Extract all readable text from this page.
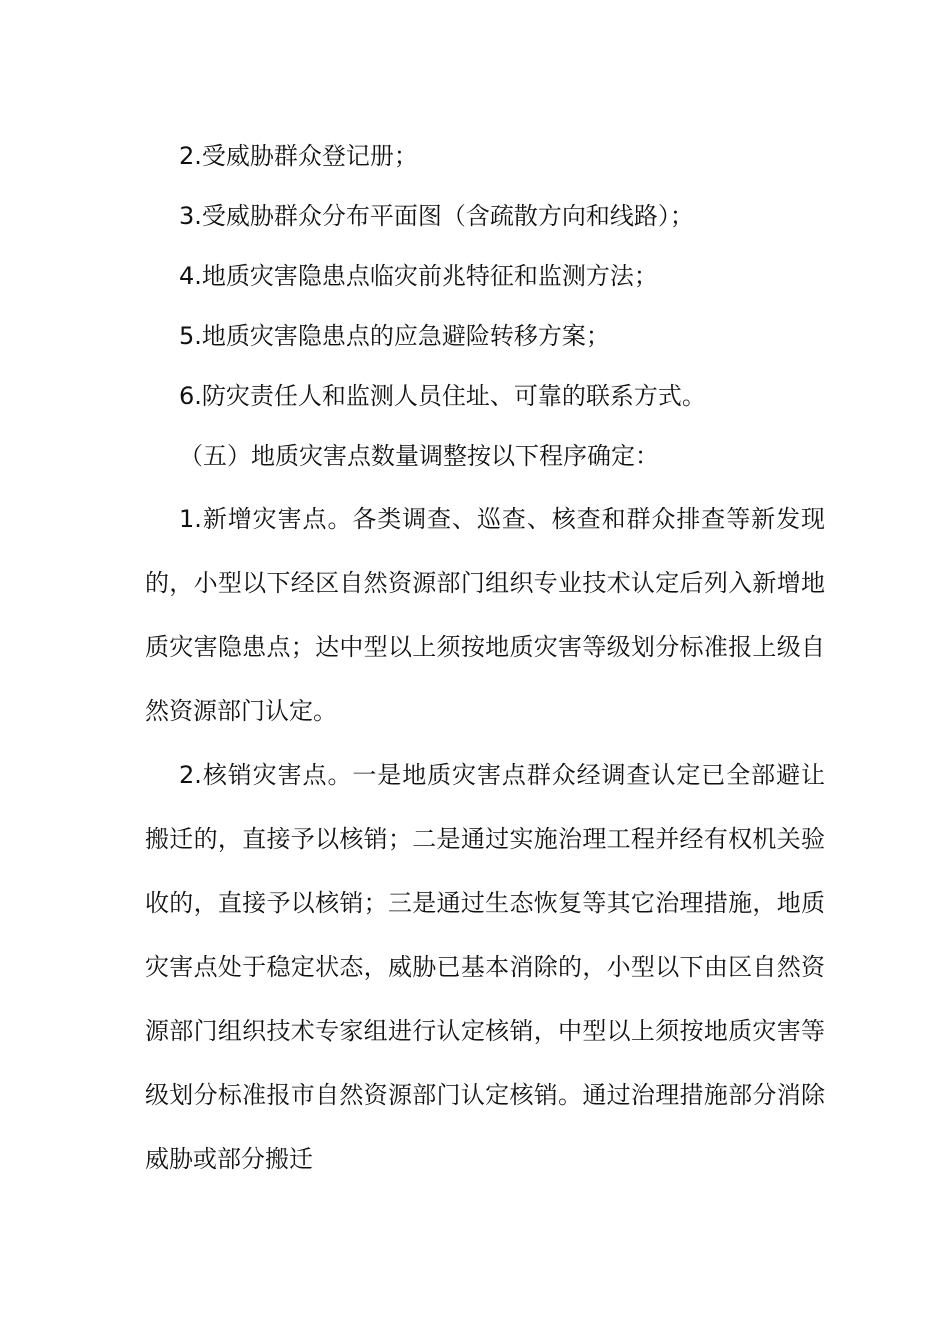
2.受威胁群众登记册；
3.受威胁群众分布平面图（含疏散方向和线路）；
4.地质灾害隐患点临灾前兆特征和监测方法；
5.地质灾害隐患点的应急避险转移方案；
6.防灾责任人和监测人员住址、可靠的联系方式。
（五）地质灾害点数量调整按以下程序确定：

1.新增灾害点。各类调查、巡查、核查和群众排查等新发现的，小型以下经区自然资源部门组织专业技术认定后列入新增地质灾害隐患点；达中型以上须按地质灾害等级划分标准报上级自然资源部门认定。

2.核销灾害点。一是地质灾害点群众经调查认定已全部避让搬迁的，直接予以核销；二是通过实施治理工程并经有权机关验收的，直接予以核销；三是通过生态恢复等其它治理措施，地质灾害点处于稳定状态，威胁已基本消除的，小型以下由区自然资源部门组织技术专家组进行认定核销，中型以上须按地质灾害等级划分标准报市自然资源部门认定核销。通过治理措施部分消除威胁或部分搬迁
